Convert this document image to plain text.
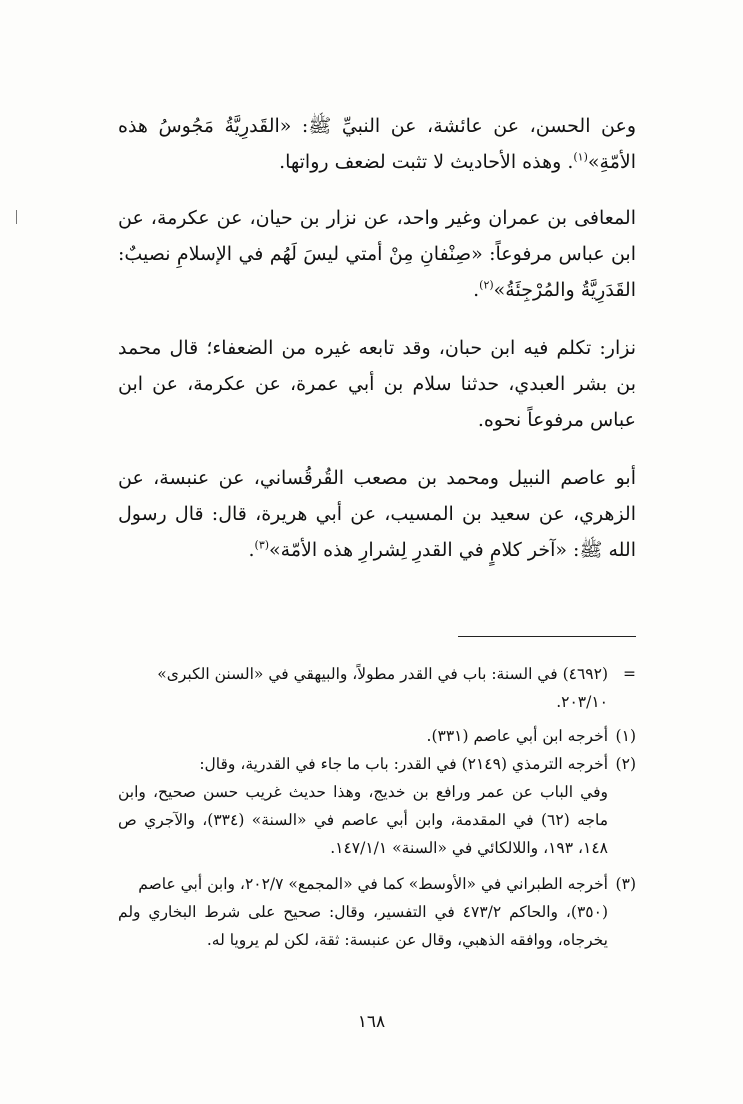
وعن الحسن، عن عائشة، عن النبيِّ ﷺ: «القَدرِيَّةُ مَجُوسُ هذه الأمّةِ»$^{(١)}$. وهذه الأحاديث لا تثبت لضعف رواتها.

المعافى بن عمران وغير واحد، عن نزار بن حيان، عن عكرمة، عن ابن عباس مرفوعاً: «صِنْفانِ مِنْ أمتي ليسَ لَهُم في الإسلامِ نصيبٌ: القَدَرِيَّةُ والمُرْجِئَةُ»$^{(٢)}$.

نزار: تكلم فيه ابن حبان، وقد تابعه غيره من الضعفاء؛ قال محمد بن بشر العبدي، حدثنا سلام بن أبي عمرة، عن عكرمة، عن ابن عباس مرفوعاً نحوه.

أبو عاصم النبيل ومحمد بن مصعب القُرقُساني، عن عنبسة، عن الزهري، عن سعيد بن المسيب، عن أبي هريرة، قال: قال رسول الله ﷺ: «آخر كلامٍ في القدرِ لِشرارِ هذه الأمّة»$^{(٣)}$.

=(٤٦٩٢) في السنة: باب في القدر مطولاً، والبيهقي في «السنن الكبرى»

٢٠٣/١٠.

(١)أخرجه ابن أبي عاصم (٣٣١).

(٢)أخرجه الترمذي (٢١٤٩) في القدر: باب ما جاء في القدرية، وقال:

وفي الباب عن عمر ورافع بن خديج، وهذا حديث غريب حسن صحيح، وابن ماجه (٦٢) في المقدمة، وابن أبي عاصم في «السنة» (٣٣٤)، والآجري ص ١٤٨، ١٩٣، واللالكائي في «السنة» ١٤٧/١/١.

(٣)أخرجه الطبراني في «الأوسط» كما في «المجمع» ٢٠٢/٧، وابن أبي عاصم

(٣٥٠)، والحاكم ٤٧٣/٢ في التفسير، وقال: صحيح على شرط البخاري ولم يخرجاه، ووافقه الذهبي، وقال عن عنبسة: ثقة، لكن لم يرويا له.

١٦٨
